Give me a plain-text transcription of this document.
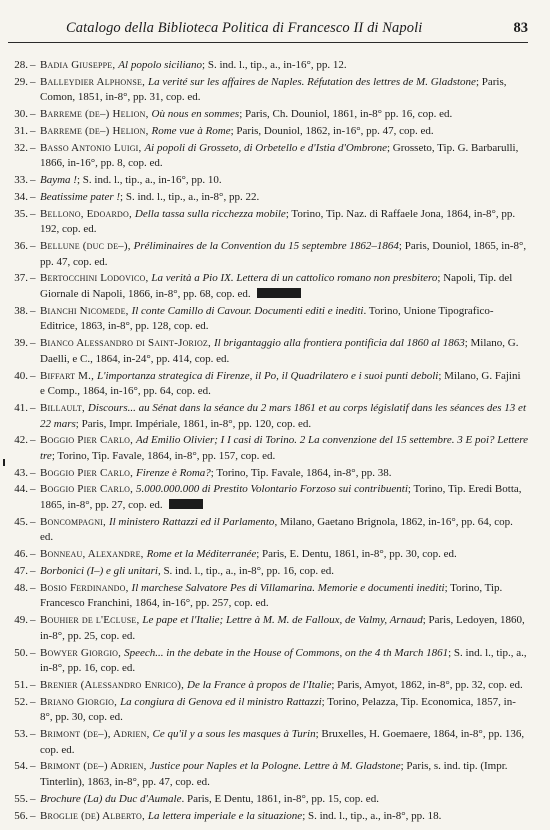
Catalogo della Biblioteca Politica di Francesco II di Napoli	83
28. – Badia Giuseppe, Al popolo siciliano; S. ind. l., tip., a., in-16°, pp. 12.
29. – Balleydier Alphonse, La verité sur les affaires de Naples. Réfutation des lettres de M. Gladstone; Paris, Comon, 1851, in-8°, pp. 31, cop. ed.
30. – Barreme (de–) Helion, Où nous en sommes; Paris, Ch. Douniol, 1861, in-8° pp. 16, cop. ed.
31. – Barreme (de–) Helion, Rome vue à Rome; Paris, Douniol, 1862, in-16°, pp. 47, cop. ed.
32. – Basso Antonio Luigi, Ai popoli di Grosseto, di Orbetello e d'Istia d'Ombrone; Grosseto, Tip. G. Barbarulli, 1866, in-16°, pp. 8, cop. ed.
33. – Bayma !; S. ind. l., tip., a., in-16°, pp. 10.
34. – Beatissime pater !; S. ind. l., tip., a., in-8°, pp. 22.
35. – Bellono, Edoardo, Della tassa sulla ricchezza mobile; Torino, Tip. Naz. di Raffaele Jona, 1864, in-8°, pp. 192, cop. ed.
36. – Bellune (duc de–), Préliminaires de la Convention du 15 septembre 1862–1864; Paris, Douniol, 1865, in-8°, pp. 47, cop. ed.
37. – Bertocchini Lodovico, La verità a Pio IX. Lettera di un cattolico romano non presbitero; Napoli, Tip. del Giornale di Napoli, 1866, in-8°, pp. 68, cop. ed.
38. – Bianchi Nicomede, Il conte Camillo di Cavour. Documenti editi e inediti. Torino, Unione Tipografico-Editrice, 1863, in-8°, pp. 128, cop. ed.
39. – Bianco Alessandro di Saint-Jorioz, Il brigantaggio alla frontiera pontificia dal 1860 al 1863; Milano, G. Daelli, e C., 1864, in-24°, pp. 414, cop. ed.
40. – Biffart M., L'importanza strategica di Firenze, il Po, il Quadrilatero e i suoi punti deboli; Milano, G. Fajini e Comp., 1864, in-16°, pp. 64, cop. ed.
41. – Billault, Discours... au Sénat dans la séance du 2 mars 1861 et au corps législatif dans les séances des 13 et 22 mars; Paris, Impr. Impériale, 1861, in-8°, pp. 120, cop. ed.
42. – Boggio Pier Carlo, Ad Emilio Olivier; I I casi di Torino. 2 La convenzione del 15 settembre. 3 E poi? Lettere tre; Torino, Tip. Favale, 1864, in-8°, pp. 157, cop. ed.
43. – Boggio Pier Carlo, Firenze è Roma?; Torino, Tip. Favale, 1864, in-8°, pp. 38.
44. – Boggio Pier Carlo, 5.000.000.000 di Prestito Volontario Forzoso sui contribuenti; Torino, Tip. Eredi Botta, 1865, in-8°, pp. 27, cop. ed.
45. – Boncompagni, Il ministero Rattazzi ed il Parlamento, Milano, Gaetano Brignola, 1862, in-16°, pp. 64, cop. ed.
46. – Bonneau, Alexandre, Rome et la Méditerranée; Paris, E. Dentu, 1861, in-8°, pp. 30, cop. ed.
47. – Borbonici (I–) e gli unitari, S. ind. l., tip., a., in-8°, pp. 16, cop. ed.
48. – Bosio Ferdinando, Il marchese Salvatore Pes di Villamarina. Memorie e documenti inediti; Torino, Tip. Francesco Franchini, 1864, in-16°, pp. 257, cop. ed.
49. – Bouhier de l'Ecluse, Le pape et l'Italie; Lettre à M. M. de Falloux, de Valmy, Arnaud; Paris, Ledoyen, 1860, in-8°, pp. 25, cop. ed.
50. – Bowyer Giorgio, Speech... in the debate in the House of Commons, on the 4 th March 1861; S. ind. l., tip., a., in-8°, pp. 16, cop. ed.
51. – Brenier (Alessandro Enrico), De la France à propos de l'Italie; Paris, Amyot, 1862, in-8°, pp. 32, cop. ed.
52. – Briano Giorgio, La congiura di Genova ed il ministro Rattazzi; Torino, Pelazza, Tip. Economica, 1857, in-8°, pp. 30, cop. ed.
53. – Brimont (de–), Adrien, Ce qu'il y a sous les masques à Turin; Bruxelles, H. Goemaere, 1864, in-8°, pp. 136, cop. ed.
54. – Brimont (de–) Adrien, Justice pour Naples et la Pologne. Lettre à M. Gladstone; Paris, s. ind. tip. (Impr. Tinterlin), 1863, in-8°, pp. 47, cop. ed.
55. – Brochure (La) du Duc d'Aumale. Paris, E Dentu, 1861, in-8°, pp. 15, cop. ed.
56. – Broglie (de) Alberto, La lettera imperiale e la situazione; S. ind. l., tip., a., in-8°, pp. 18.
